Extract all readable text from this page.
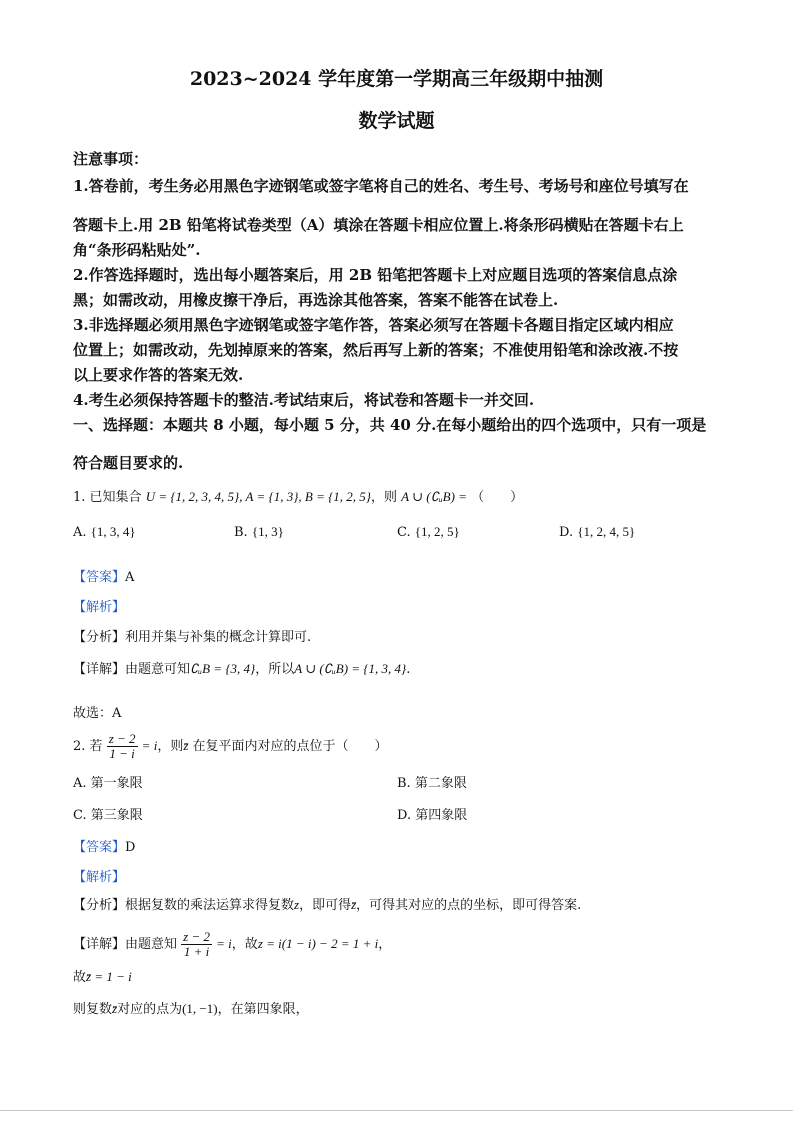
2023~2024 学年度第一学期高三年级期中抽测
数学试题
注意事项：
1.答卷前，考生务必用黑色字迹钢笔或签字笔将自己的姓名、考生号、考场号和座位号填写在
答题卡上.用 2B 铅笔将试卷类型（A）填涂在答题卡相应位置上.将条形码横贴在答题卡右上
角“条形码粘贴处”.
2.作答选择题时，选出每小题答案后，用 2B 铅笔把答题卡上对应题目选项的答案信息点涂
黑；如需改动，用橡皮擦干净后，再选涂其他答案，答案不能答在试卷上.
3.非选择题必须用黑色字迹钢笔或签字笔作答，答案必须写在答题卡各题目指定区域内相应
位置上；如需改动，先划掉原来的答案，然后再写上新的答案；不准使用铅笔和涂改液.不按
以上要求作答的答案无效.
4.考生必须保持答题卡的整洁.考试结束后，将试卷和答题卡一并交回.
一、选择题：本题共 8 小题，每小题 5 分，共 40 分.在每小题给出的四个选项中，只有一项是
符合题目要求的.
1. 已知集合 U = {1, 2, 3, 4, 5}, A = {1, 3}, B = {1, 2, 5}，则 A ∪ (∁ᵤB) = （　　）
A. {1, 3, 4}	B. {1, 3}	C. {1, 2, 5}	D. {1, 2, 4, 5}
【答案】A
【解析】
【分析】利用并集与补集的概念计算即可.
【详解】由题意可知∁ᵤB = {3, 4}，所以A ∪ (∁ᵤB) = {1, 3, 4}.
故选：A
2. 若 $\frac{z - 2}{1 - i} = i$，则z̄ 在复平面内对应的点位于（　　）
A. 第一象限	B. 第二象限
C. 第三象限	D. 第四象限
【答案】D
【解析】
【分析】根据复数的乘法运算求得复数z，即可得z̄，可得其对应的点的坐标，即可得答案.
【详解】由题意知 $\frac{z - 2}{1 + i} = i$，故z = i(1 − i) − 2 = 1 + i，
故z̄ = 1 − i
则复数z̄对应的点为(1, −1)，在第四象限，
